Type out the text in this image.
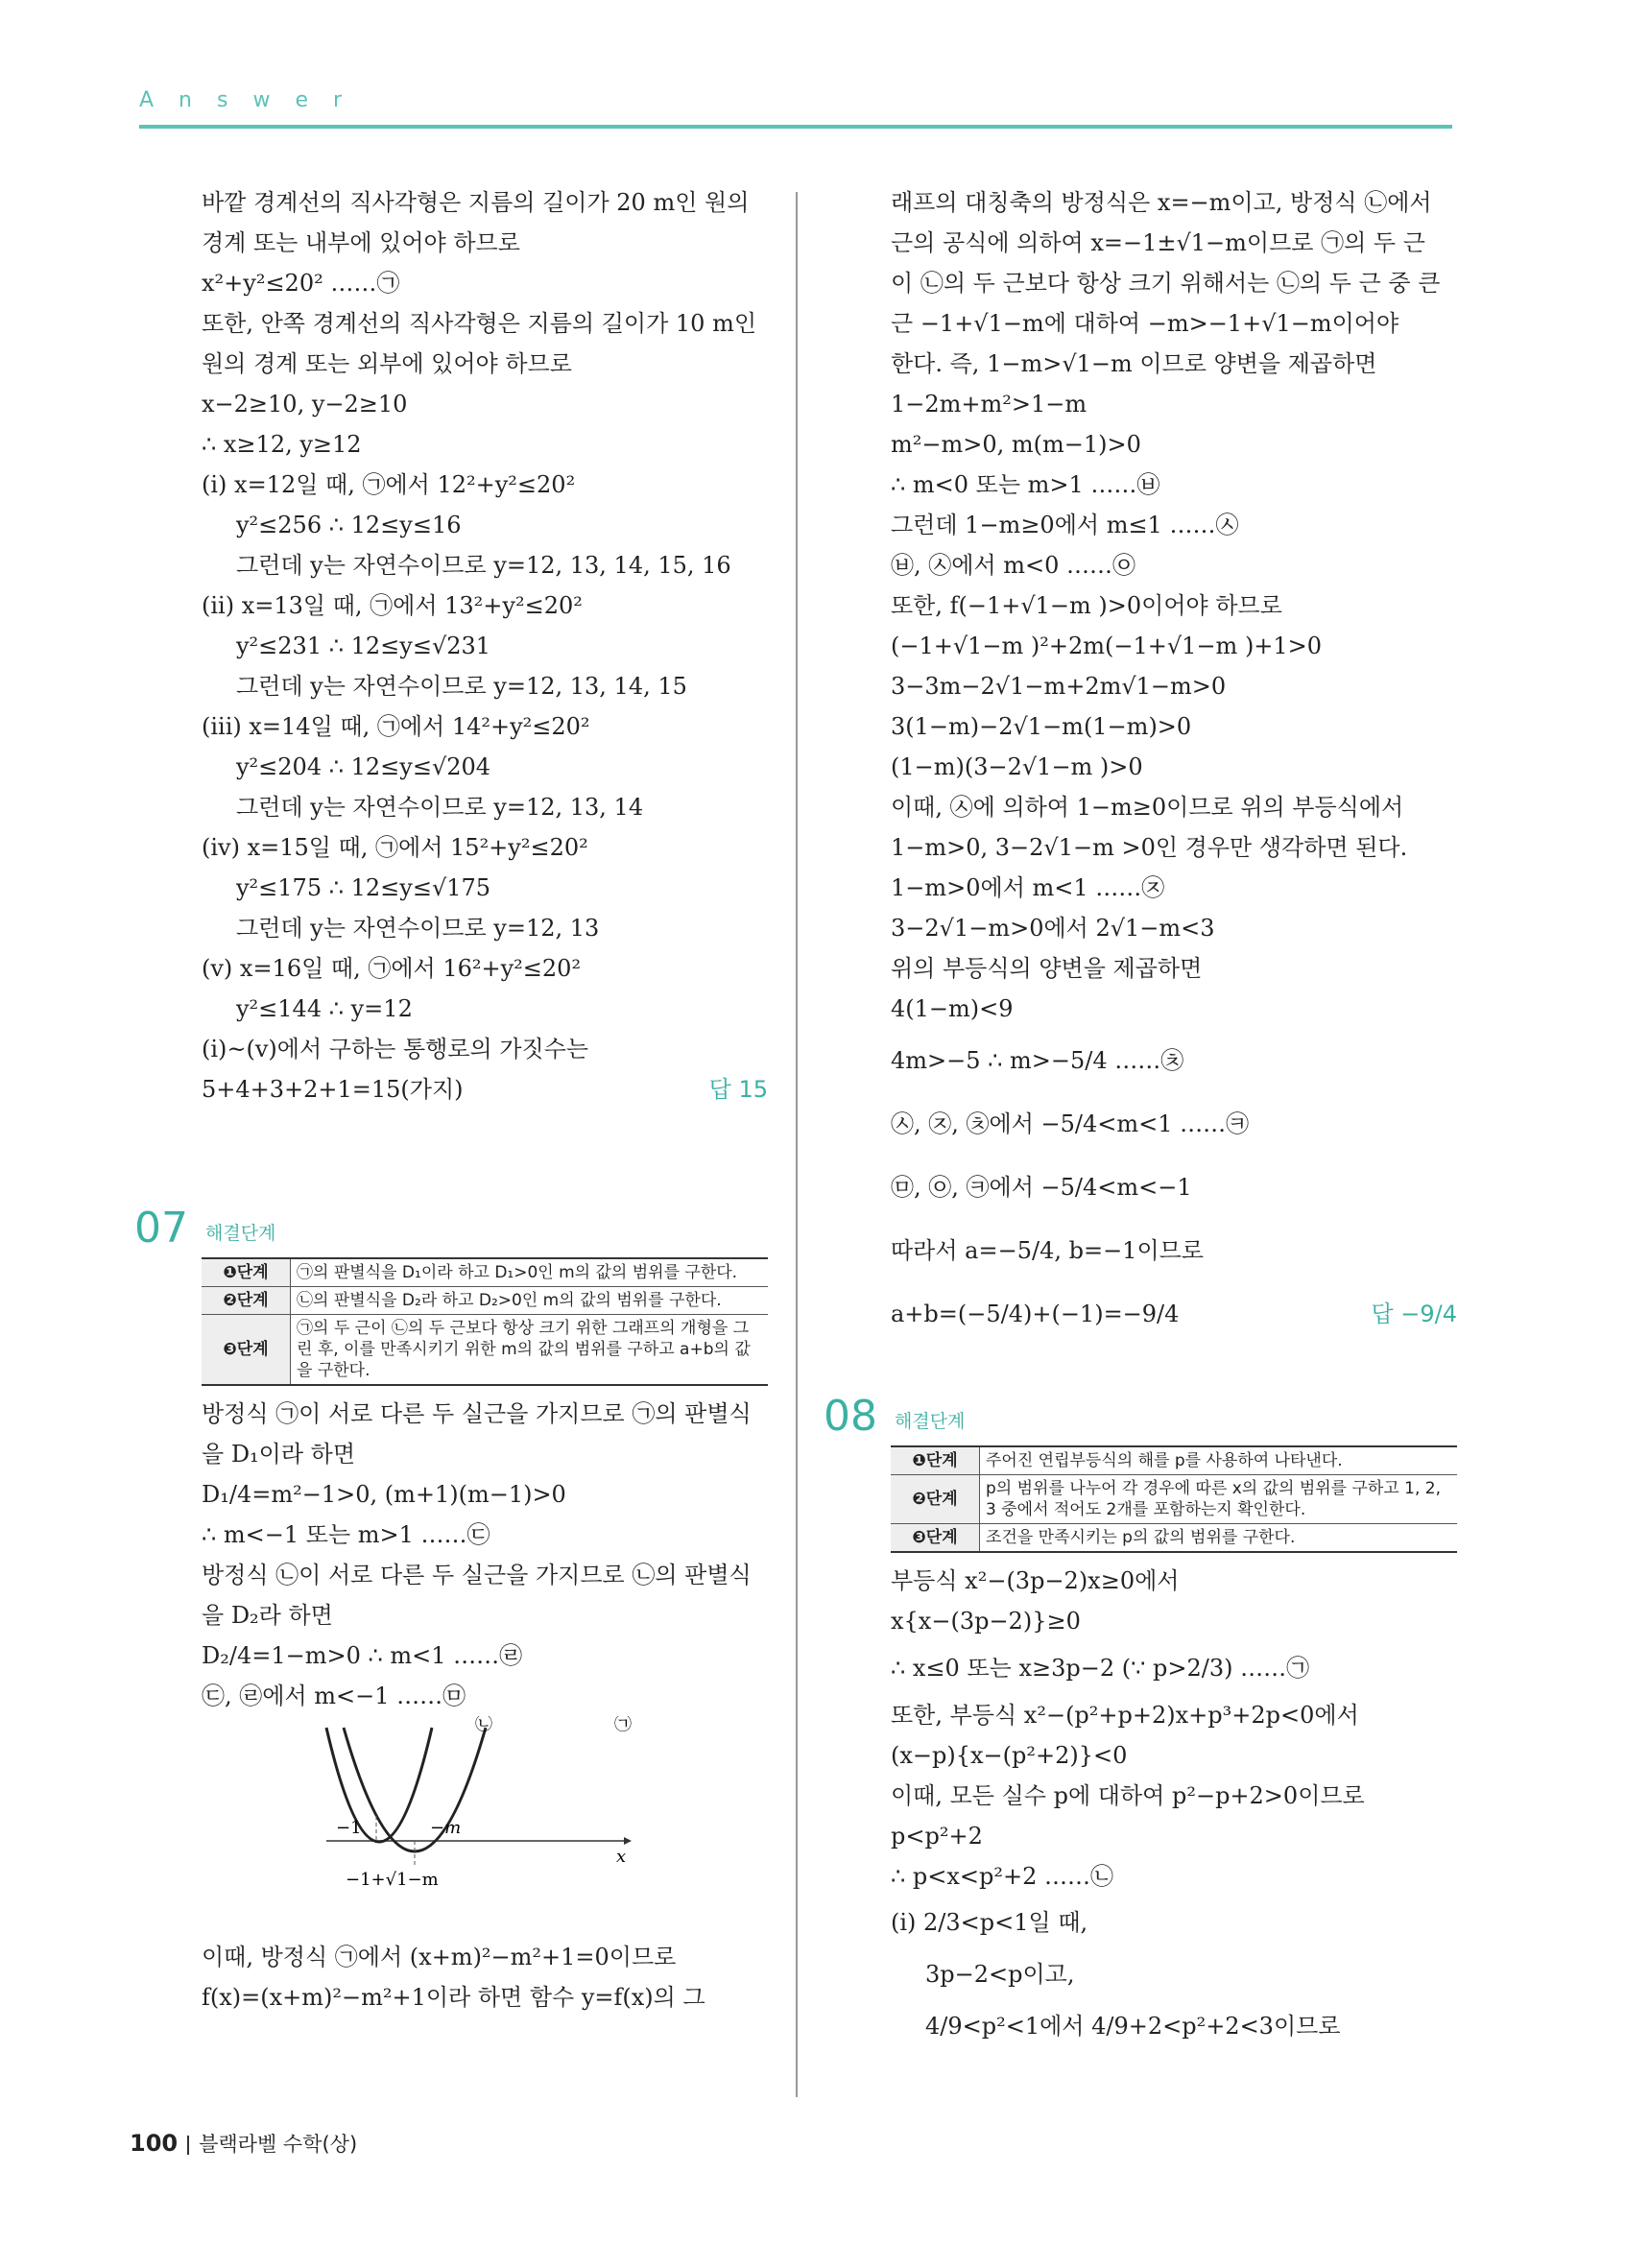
Answer
바깥 경계선의 직사각형은 지름의 길이가 20 m인 원의
경계 또는 내부에 있어야 하므로
x²+y²≤20² ……㉠
또한, 안쪽 경계선의 직사각형은 지름의 길이가 10 m인
원의 경계 또는 외부에 있어야 하므로
x−2≥10, y−2≥10
∴ x≥12, y≥12
(i) x=12일 때, ㉠에서 12²+y²≤20²
y²≤256 ∴ 12≤y≤16
그런데 y는 자연수이므로 y=12, 13, 14, 15, 16
(ii) x=13일 때, ㉠에서 13²+y²≤20²
y²≤231 ∴ 12≤y≤√231
그런데 y는 자연수이므로 y=12, 13, 14, 15
(iii) x=14일 때, ㉠에서 14²+y²≤20²
y²≤204 ∴ 12≤y≤√204
그런데 y는 자연수이므로 y=12, 13, 14
(iv) x=15일 때, ㉠에서 15²+y²≤20²
y²≤175 ∴ 12≤y≤√175
그런데 y는 자연수이므로 y=12, 13
(v) x=16일 때, ㉠에서 16²+y²≤20²
y²≤144 ∴ y=12
(i)~(v)에서 구하는 통행로의 가짓수는
5+4+3+2+1=15(가지)	답 15
07 해결단계
❶단계	㉠의 판별식을 D₁이라 하고 D₁>0인 m의 값의 범위를 구한다.
❷단계	㉡의 판별식을 D₂라 하고 D₂>0인 m의 값의 범위를 구한다.
❸단계	㉠의 두 근이 ㉡의 두 근보다 항상 크기 위한 그래프의 개형을 그린 후, 이를 만족시키기 위한 m의 값의 범위를 구하고 a+b의 값을 구한다.
방정식 ㉠이 서로 다른 두 실근을 가지므로 ㉠의 판별식
을 D₁이라 하면
D₁/4=m²−1>0, (m+1)(m−1)>0
∴ m<−1 또는 m>1 ……㉢
방정식 ㉡이 서로 다른 두 실근을 가지므로 ㉡의 판별식
을 D₂라 하면
D₂/4=1−m>0 ∴ m<1 ……㉣
㉢, ㉣에서 m<−1 ……㉤
㉡	㉠
−1	−m
x
−1+√1−m
이때, 방정식 ㉠에서 (x+m)²−m²+1=0이므로
f(x)=(x+m)²−m²+1이라 하면 함수 y=f(x)의 그
래프의 대칭축의 방정식은 x=−m이고, 방정식 ㉡에서
근의 공식에 의하여 x=−1±√1−m이므로 ㉠의 두 근
이 ㉡의 두 근보다 항상 크기 위해서는 ㉡의 두 근 중 큰
근 −1+√1−m에 대하여 −m>−1+√1−m이어야
한다. 즉, 1−m>√1−m 이므로 양변을 제곱하면
1−2m+m²>1−m
m²−m>0, m(m−1)>0
∴ m<0 또는 m>1 ……㉥
그런데 1−m≥0에서 m≤1 ……㉦
㉥, ㉦에서 m<0 ……㉧
또한, f(−1+√1−m )>0이어야 하므로
(−1+√1−m )²+2m(−1+√1−m )+1>0
3−3m−2√1−m+2m√1−m>0
3(1−m)−2√1−m(1−m)>0
(1−m)(3−2√1−m )>0
이때, ㉦에 의하여 1−m≥0이므로 위의 부등식에서
1−m>0, 3−2√1−m >0인 경우만 생각하면 된다.
1−m>0에서 m<1 ……㉨
3−2√1−m>0에서 2√1−m<3
위의 부등식의 양변을 제곱하면
4(1−m)<9
4m>−5 ∴ m>−5/4 ……㉩
㉦, ㉨, ㉩에서 −5/4<m<1 ……㉪
㉤, ㉧, ㉪에서 −5/4<m<−1
따라서 a=−5/4, b=−1이므로
a+b=(−5/4)+(−1)=−9/4	답 −9/4
08 해결단계
❶단계	주어진 연립부등식의 해를 p를 사용하여 나타낸다.
❷단계	p의 범위를 나누어 각 경우에 따른 x의 값의 범위를 구하고 1, 2, 3 중에서 적어도 2개를 포함하는지 확인한다.
❸단계	조건을 만족시키는 p의 값의 범위를 구한다.
부등식 x²−(3p−2)x≥0에서
x{x−(3p−2)}≥0
∴ x≤0 또는 x≥3p−2 (∵ p>2/3) ……㉠
또한, 부등식 x²−(p²+p+2)x+p³+2p<0에서
(x−p){x−(p²+2)}<0
이때, 모든 실수 p에 대하여 p²−p+2>0이므로
p<p²+2
∴ p<x<p²+2 ……㉡
(i) 2/3<p<1일 때,
3p−2<p이고,
4/9<p²<1에서 4/9+2<p²+2<3이므로
100 블랙라벨 수학(상)
